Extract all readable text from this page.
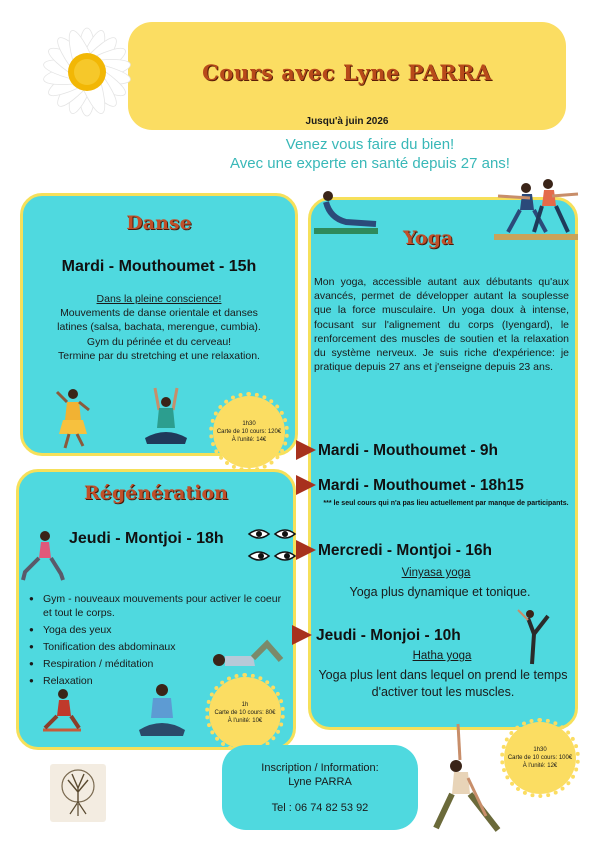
Cours avec Lyne PARRA
Jusqu'à juin 2026
Venez vous faire du bien!
Avec une experte en santé depuis 27 ans!
Danse
Mardi - Mouthoumet - 15h
Dans la pleine conscience!
Mouvements de danse orientale et danses
latines (salsa, bachata, merengue, cumbia).
Gym du périnée et du cerveau!
Termine par du stretching et une relaxation.
1h30
Carte de 10 cours: 120€
À l'unité: 14€
Régénération
Jeudi - Montjoi - 18h
● Gym - nouveaux mouvements pour activer le coeur et tout le corps.
● Yoga des yeux
● Tonification des abdominaux
● Respiration / méditation
● Relaxation
1h
Carte de 10 cours: 80€
À l'unité: 10€
Yoga
Mon yoga, accessible autant aux débutants qu'aux avancés, permet de développer autant la souplesse que la force musculaire. Un yoga doux à intense, focusant sur l'alignement du corps (Iyengard), le renforcement des muscles de soutien et la relaxation du système nerveux. Je suis riche d'expérience: je pratique depuis 27 ans et j'enseigne depuis 23 ans.
Mardi - Mouthoumet - 9h
Mardi - Mouthoumet - 18h15
*** le seul cours qui n'a pas lieu actuellement par manque de participants.
Mercredi - Montjoi - 16h
Vinyasa yoga
Yoga plus dynamique et tonique.
Jeudi - Monjoi - 10h
Hatha yoga
Yoga plus lent dans lequel on prend le temps d'activer tout les muscles.
1h30
Carte de 10 cours: 100€
À l'unité: 12€
Inscription / Information:
Lyne PARRA
Tel : 06 74 82 53 92
